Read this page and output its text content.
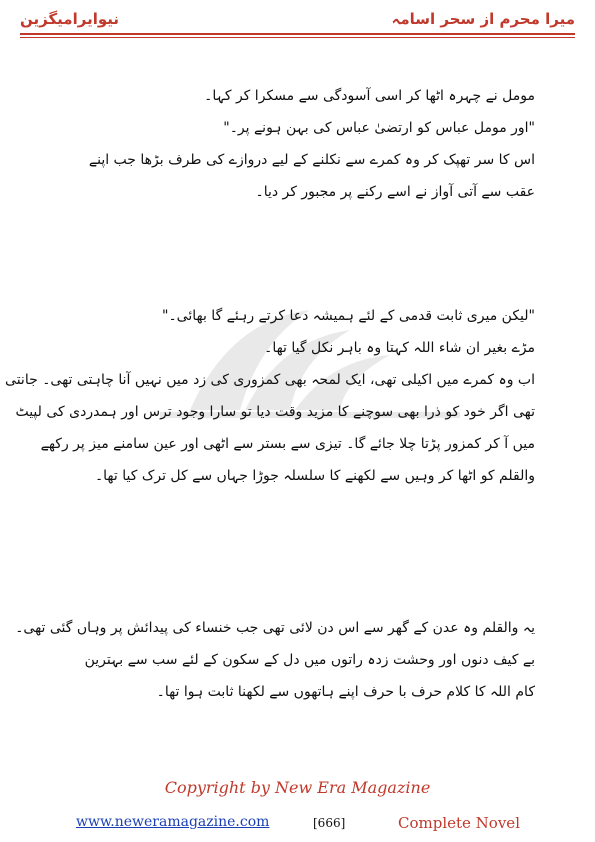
نیوایرامیگزین	میرا محرم از سحر اسامہ
مومل نے چہرہ اٹھا کر اسی آسودگی سے مسکرا کر کہا۔
"اور مومل عباس کو ارتضیٰ عباس کی بہن ہونے پر۔"
اس کا سر تھپک کر وہ کمرے سے نکلنے کے لیے دروازے کی طرف بڑھا جب اپنے
عقب سے آتی آواز نے اسے رکنے پر مجبور کر دیا۔
"لیکن میری ثابت قدمی کے لئے ہمیشہ دعا کرتے رہئے گا بھائی۔"
مڑے بغیر ان شاء اللہ کہتا وہ باہر نکل گیا تھا۔
اب وہ کمرے میں اکیلی تھی، ایک لمحہ بھی کمزوری کی زد میں نہیں آنا چاہتی تھی۔ جانتی
تھی اگر خود کو ذرا بھی سوچنے کا مزید وقت دیا تو سارا وجود ترس اور ہمدردی کی لپیٹ
میں آ کر کمزور پڑتا چلا جائے گا۔ تیزی سے بستر سے اٹھی اور عین سامنے میز پر رکھے
والقلم کو اٹھا کر وہیں سے لکھنے کا سلسلہ جوڑا جہاں سے کل ترک کیا تھا۔
یہ والقلم وہ عدن کے گھر سے اس دن لائی تھی جب خنساء کی پیدائش پر وہاں گئی تھی۔
بے کیف دنوں اور وحشت زدہ راتوں میں دل کے سکون کے لئے سب سے بہترین
کام اللہ کا کلام حرف با حرف اپنے ہاتھوں سے لکھنا ثابت ہوا تھا۔
Copyright by New Era Magazine
www.neweramagazine.com	[666]	Complete Novel
